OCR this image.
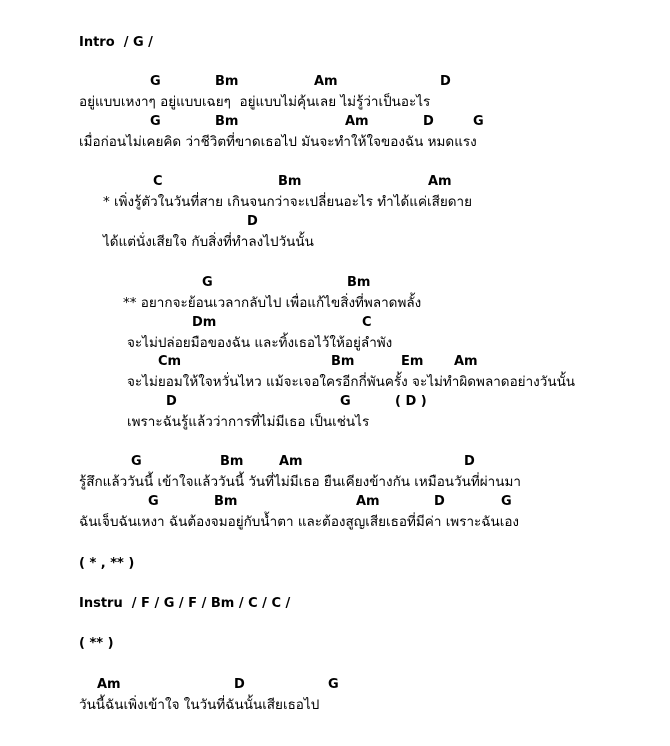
Intro  / G /
G	Bm	Am	D
อยู่แบบเหงาๆ อยู่แบบเฉยๆ  อยู่แบบไม่คุ้นเลย ไม่รู้ว่าเป็นอะไร
G	Bm	Am	D	G
เมื่อก่อนไม่เคยคิด ว่าชีวิตที่ขาดเธอไป มันจะทำให้ใจของฉัน หมดแรง
C	Bm	Am
* เพิ่งรู้ตัวในวันที่สาย เกินจนกว่าจะเปลี่ยนอะไร ทำได้แค่เสียดาย
D
ได้แต่นั่งเสียใจ กับสิ่งที่ทำลงไปวันนั้น
G	Bm
** อยากจะย้อนเวลากลับไป เพื่อแก้ไขสิ่งที่พลาดพลั้ง
Dm	C
จะไม่ปล่อยมือของฉัน และทิ้งเธอไว้ให้อยู่ลำพัง
Cm	Bm	Em Am
จะไม่ยอมให้ใจหวั่นไหว แม้จะเจอใครอีกกี่พันครั้ง จะไม่ทำผิดพลาดอย่างวันนั้น
D	G	( D )
เพราะฉันรู้แล้วว่าการที่ไม่มีเธอ เป็นเช่นไร
G	Bm	Am	D
รู้สึกแล้ววันนี้ เข้าใจแล้ววันนี้ วันที่ไม่มีเธอ ยืนเคียงข้างกัน เหมือนวันที่ผ่านมา
G	Bm	Am	D	G
ฉันเจ็บฉันเหงา ฉันต้องจมอยู่กับน้ำตา และต้องสูญเสียเธอที่มีค่า เพราะฉันเอง
( * , ** )
Instru  / F / G / F / Bm / C / C /
( ** )
Am	D	G
วันนี้ฉันเพิ่งเข้าใจ ในวันที่ฉันนั้นเสียเธอไป
